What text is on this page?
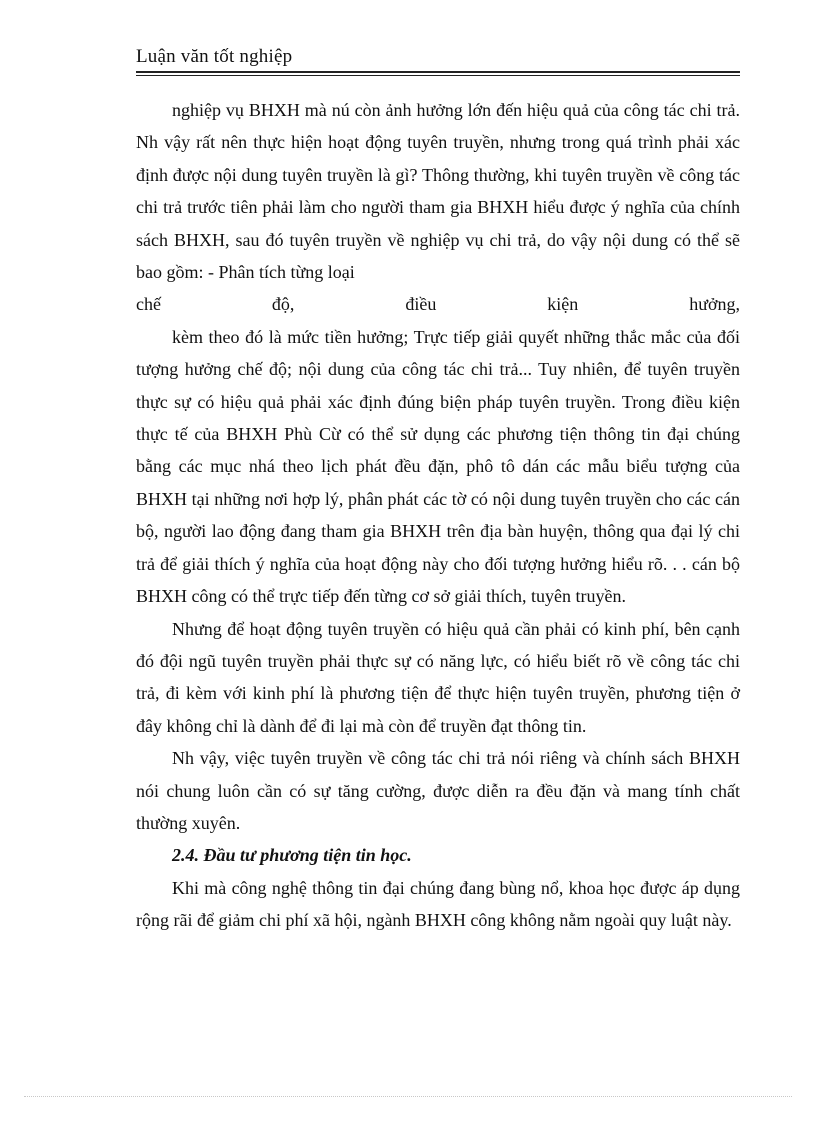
Luận văn tốt nghiệp

nghiệp vụ BHXH mà nú còn ảnh hưởng lớn đến hiệu quả của công tác chi trả. Nh vậy rất nên thực hiện hoạt động tuyên truyền, nhưng trong quá trình phải xác định được nội dung tuyên truyền là gì? Thông thường, khi tuyên truyền về công tác chi trả trước tiên phải làm cho người tham gia BHXH hiểu được ý nghĩa của chính sách BHXH, sau đó tuyên truyền về nghiệp vụ chi trả, do vậy nội dung có thể sẽ bao gồm: - Phân tích từng loại

chế độ, điều kiện hưởng,

kèm theo đó là mức tiền hưởng; Trực tiếp giải quyết những thắc mắc của đối tượng hưởng chế độ; nội dung của công tác chi trả... Tuy nhiên, để tuyên truyền thực sự có hiệu quả phải xác định đúng biện pháp tuyên truyền. Trong điều kiện thực tế của BHXH Phù Cừ có thể sử dụng các phương tiện thông tin đại chúng bằng các mục nhá theo lịch phát đều đặn, phô tô dán các mẫu biểu tượng của BHXH tại những nơi hợp lý, phân phát các tờ có nội dung tuyên truyền cho các cán bộ, người lao động đang tham gia BHXH trên địa bàn huyện, thông qua đại lý chi trả để giải thích ý nghĩa của hoạt động này cho đối tượng hưởng hiểu rõ. . . cán bộ BHXH công có thể trực tiếp đến từng cơ sở giải thích, tuyên truyền.

Nhưng để hoạt động tuyên truyền có hiệu quả cần phải có kinh phí, bên cạnh đó đội ngũ tuyên truyền phải thực sự có năng lực, có hiểu biết rõ về công tác chi trả, đi kèm với kinh phí là phương tiện để thực hiện tuyên truyền, phương tiện ở đây không chỉ là dành để đi lại mà còn để truyền đạt thông tin.

Nh vậy, việc tuyên truyền về công tác chi trả nói riêng và chính sách BHXH nói chung luôn cần có sự tăng cường, được diễn ra đều đặn và mang tính chất thường xuyên.

2.4. Đầu tư phương tiện tin học.

Khi mà công nghệ thông tin đại chúng đang bùng nổ, khoa học được áp dụng rộng rãi để giảm chi phí xã hội, ngành BHXH công không nằm ngoài quy luật này.
